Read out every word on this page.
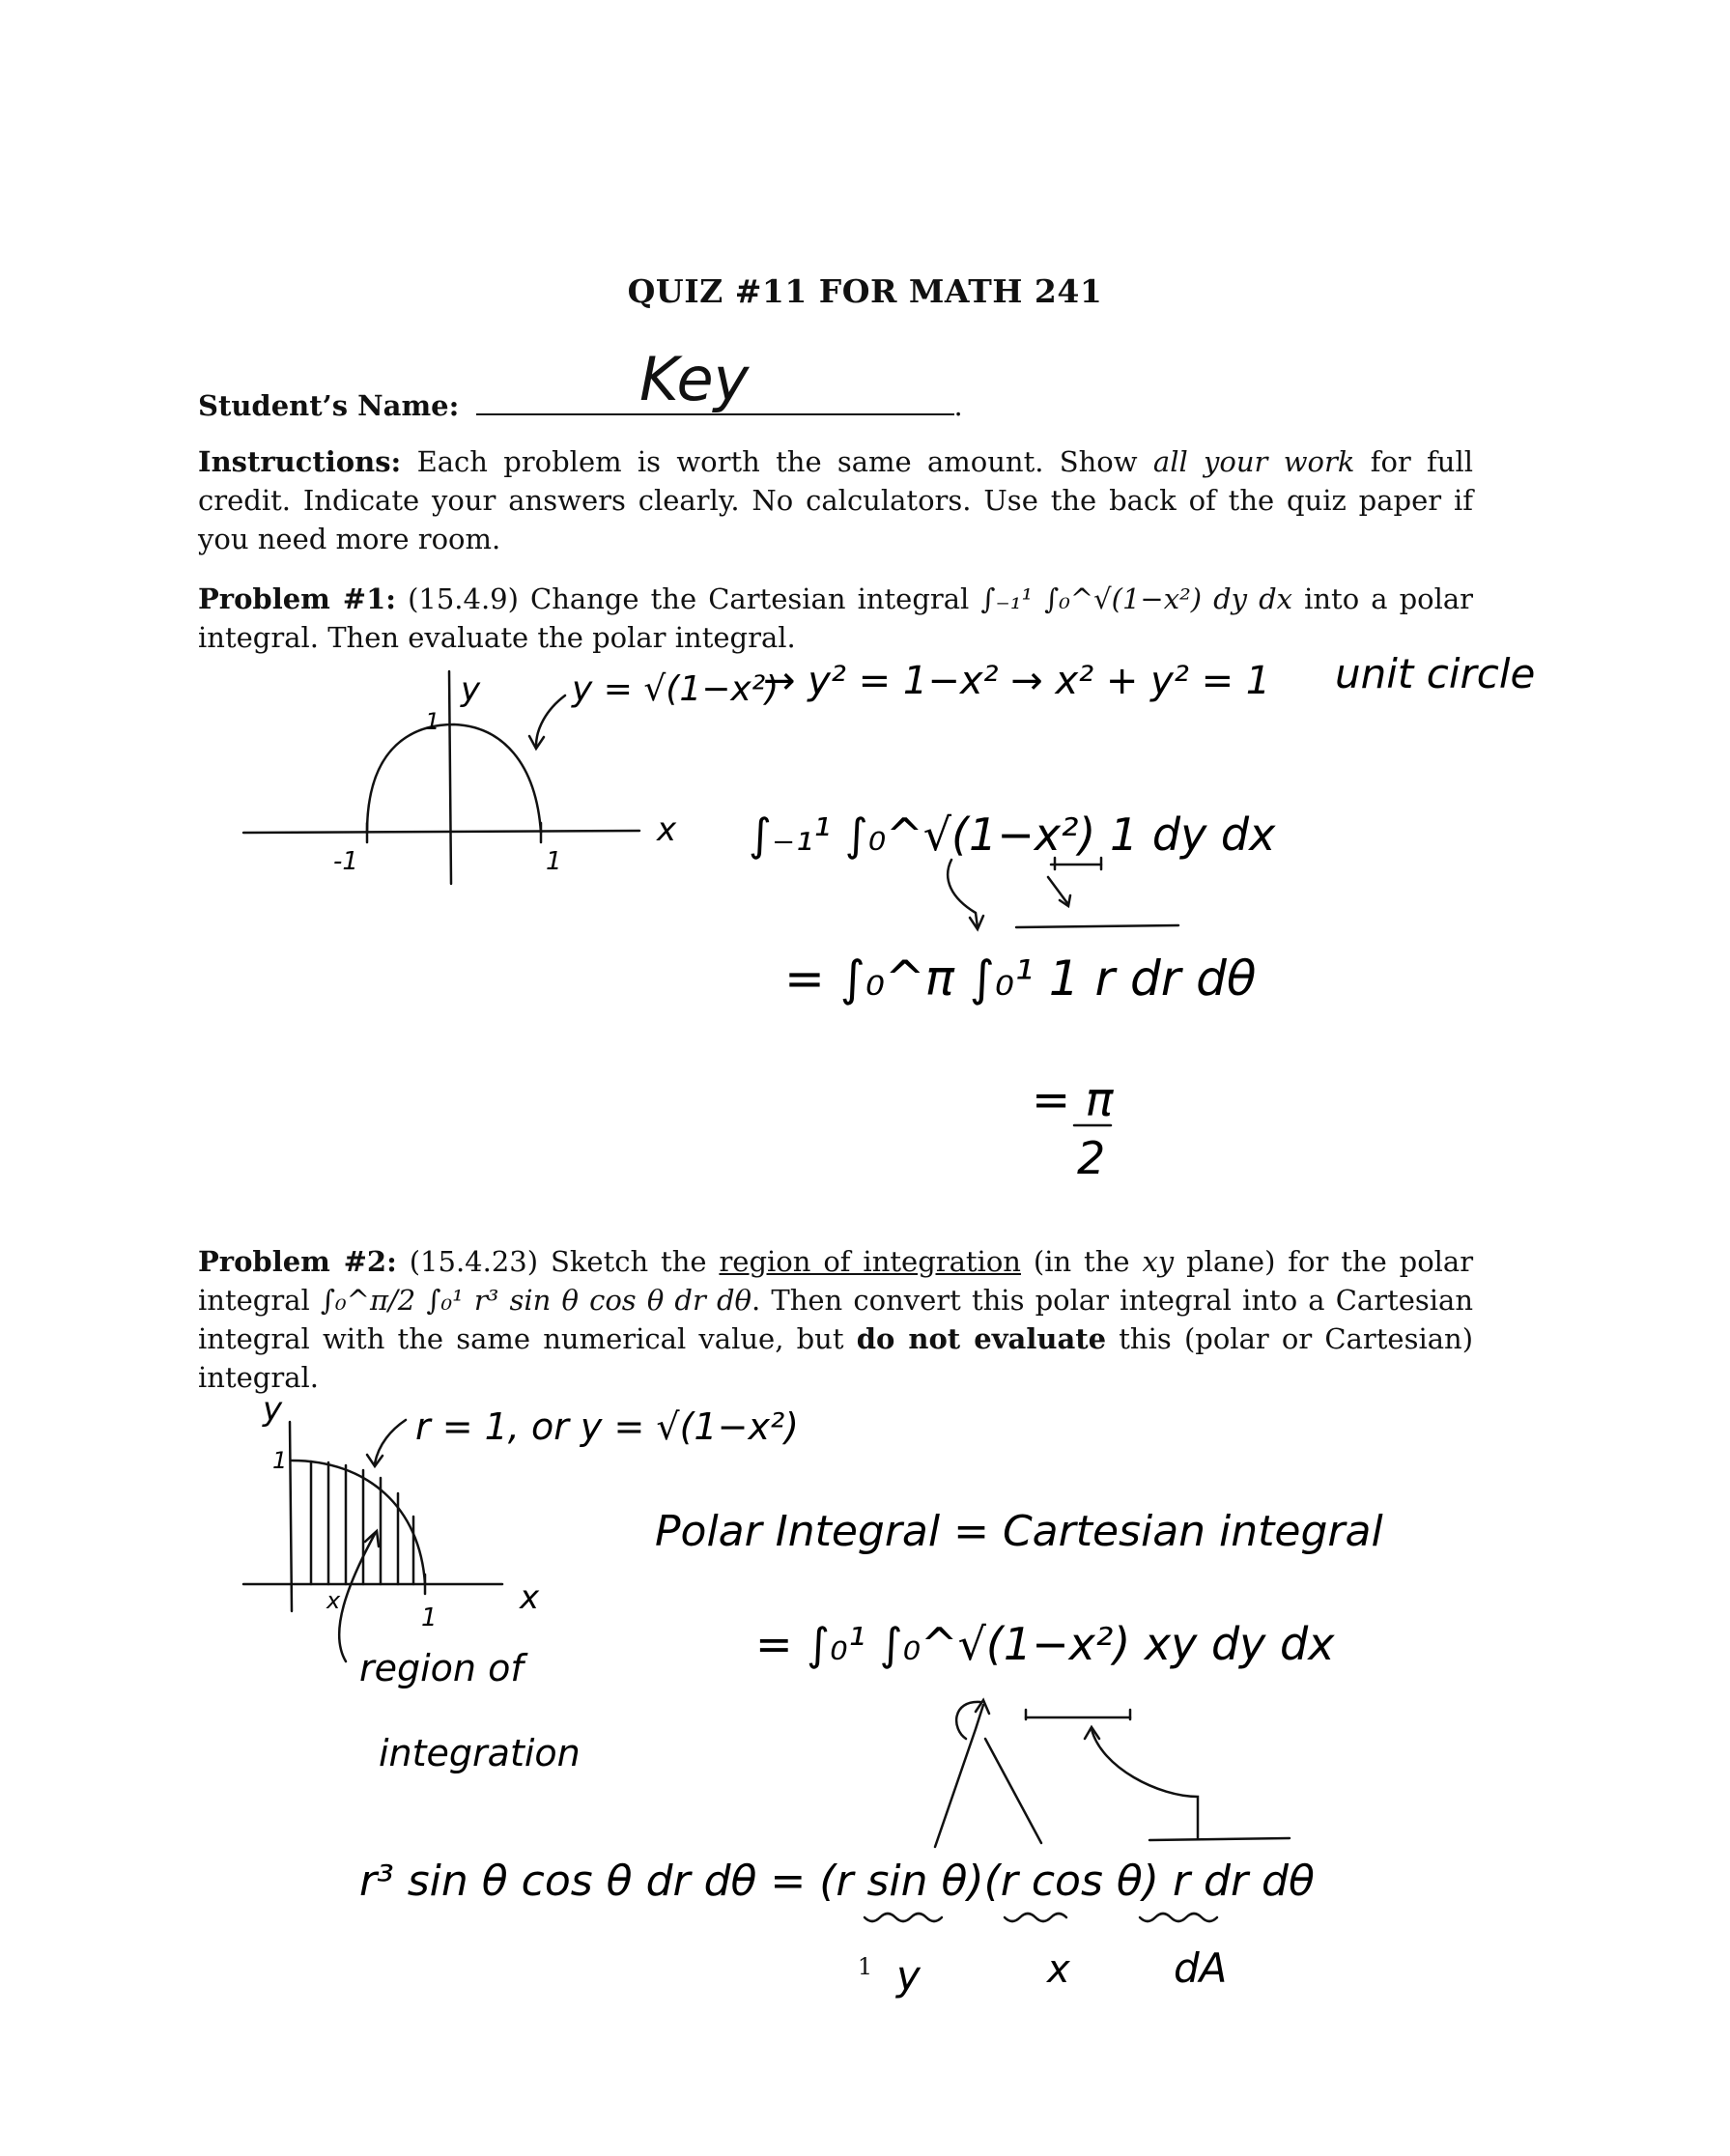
QUIZ #11 FOR MATH 241
Student’s Name:	.
Key
Instructions: Each problem is worth the same amount. Show all your work for full credit. Indicate your answers clearly. No calculators. Use the back of the quiz paper if you need more room.
Problem #1: (15.4.9) Change the Cartesian integral ∫₋₁¹ ∫₀^√(1−x²) dy dx into a polar integral. Then evaluate the polar integral.
y
x
-1	1
1
y = √(1−x²)
→ y² = 1−x² → x² + y² = 1 unit circle
∫₋₁¹ ∫₀^√(1−x²) 1 dy dx
= ∫₀^π ∫₀¹ 1 r dr dθ
= π
2
Problem #2: (15.4.23) Sketch the region of integration (in the xy plane) for the polar integral ∫₀^π/2 ∫₀¹ r³ sin θ cos θ dr dθ. Then convert this polar integral into a Cartesian integral with the same numerical value, but do not evaluate this (polar or Cartesian) integral.
y
x
1
1
x
r = 1, or y = √(1−x²)
region of
integration
Polar Integral = Cartesian integral
= ∫₀¹ ∫₀^√(1−x²) xy dy dx
r³ sin θ cos θ dr dθ = (r sin θ)(r cos θ) r dr dθ
y	x	dA
1
